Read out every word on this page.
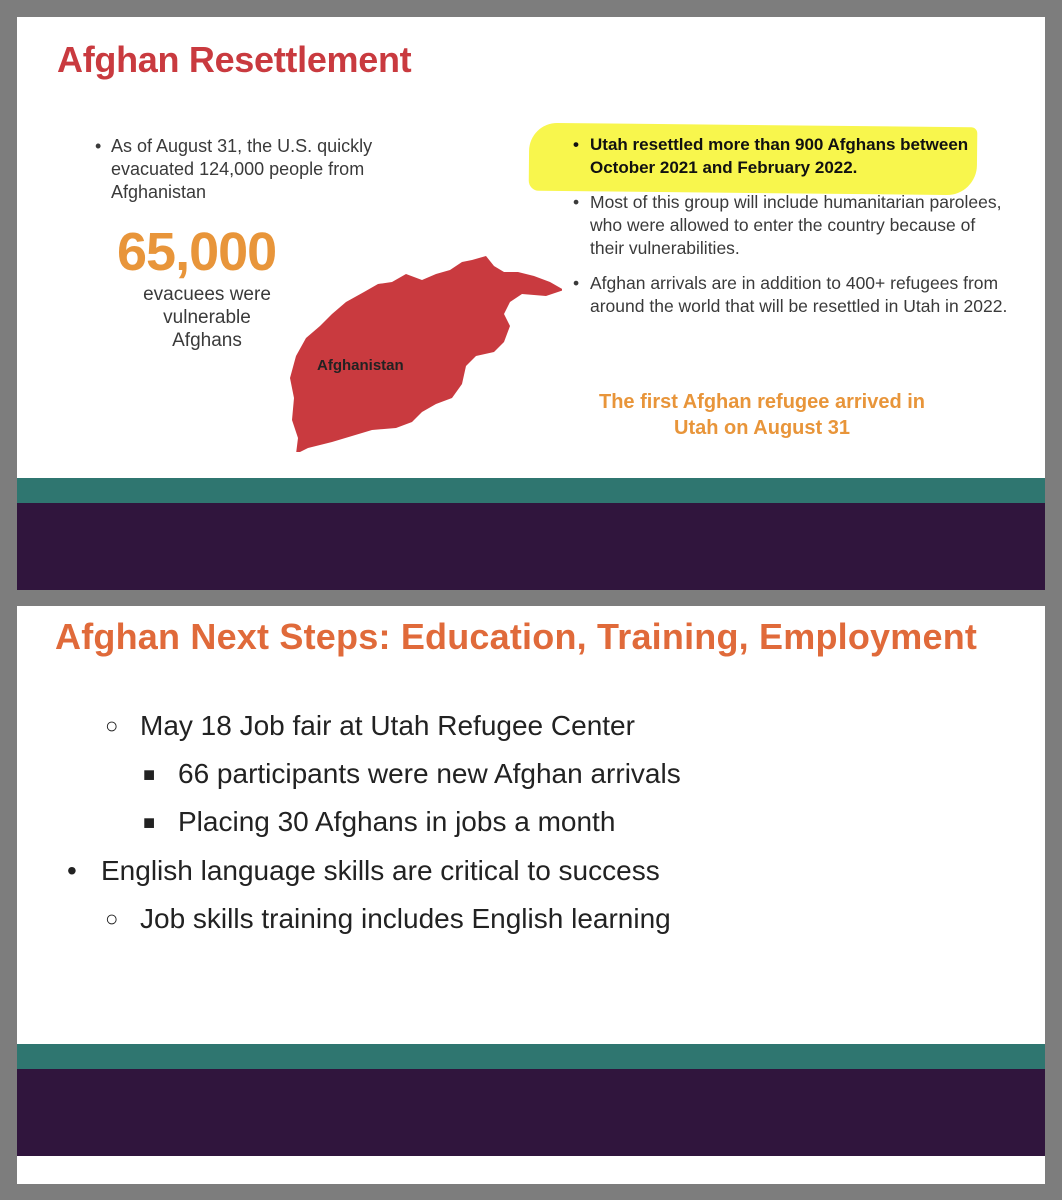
Afghan Resettlement
• As of August 31, the U.S. quickly evacuated 124,000 people from Afghanistan
65,000
evacuees were vulnerable Afghans
Afghanistan
• Utah resettled more than 900 Afghans between October 2021 and February 2022.
• Most of this group will include humanitarian parolees, who were allowed to enter the country because of their vulnerabilities.
• Afghan arrivals are in addition to 400+ refugees from around the world that will be resettled in Utah in 2022.
The first Afghan refugee arrived in Utah on August 31
Afghan Next Steps: Education, Training, Employment
○ May 18 Job fair at Utah Refugee Center
■ 66 participants were new Afghan arrivals
■ Placing 30 Afghans in jobs a month
• English language skills are critical to success
○ Job skills training includes English learning
